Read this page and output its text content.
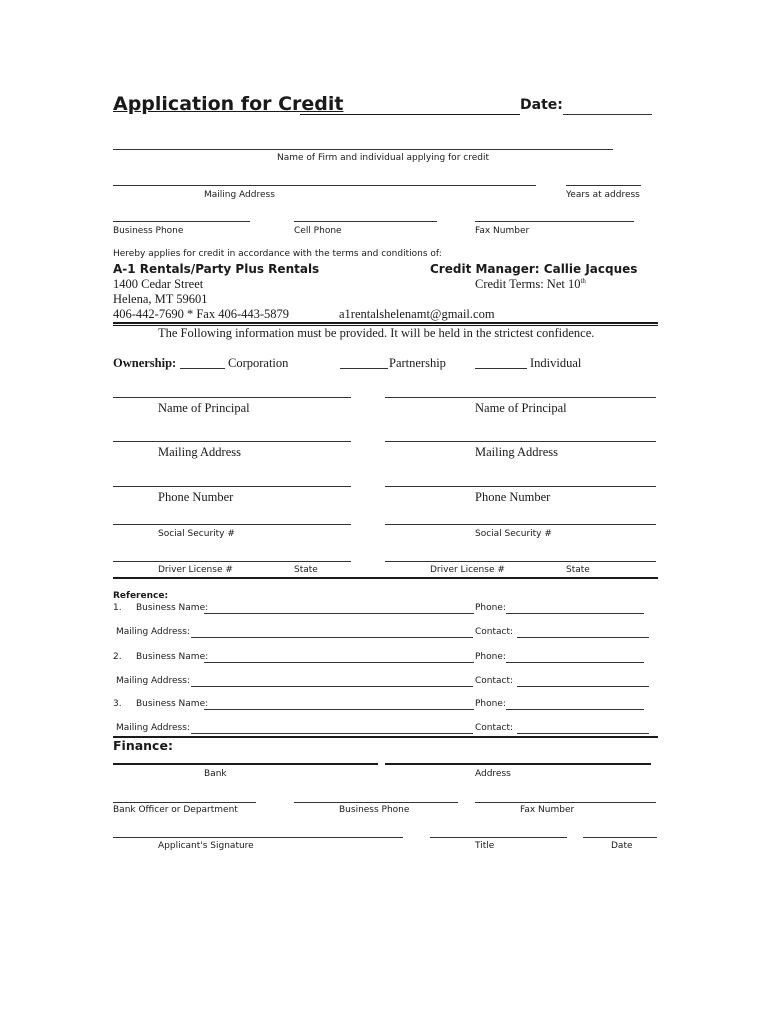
Application for Credit	Date:
Name of Firm and individual applying for credit
Mailing Address	Years at address
Business Phone	Cell Phone	Fax Number
Hereby applies for credit in accordance with the terms and conditions of:
A-1 Rentals/Party Plus Rentals	Credit Manager: Callie Jacques
1400 Cedar Street	Credit Terms: Net 10th
Helena, MT 59601
406-442-7690 * Fax 406-443-5879	a1rentalshelenamt@gmail.com
The Following information must be provided. It will be held in the strictest confidence.
Ownership:	Corporation	Partnership	Individual
Name of Principal	Name of Principal
Mailing Address	Mailing Address
Phone Number	Phone Number
Social Security #	Social Security #
Driver License #	State	Driver License #	State
Reference:
1. Business Name:	Phone:
Mailing Address:	Contact:
2. Business Name:	Phone:
Mailing Address:	Contact:
3. Business Name:	Phone:
Mailing Address:	Contact:
Finance:
Bank	Address
Bank Officer or Department	Business Phone	Fax Number
Applicant's Signature	Title	Date
